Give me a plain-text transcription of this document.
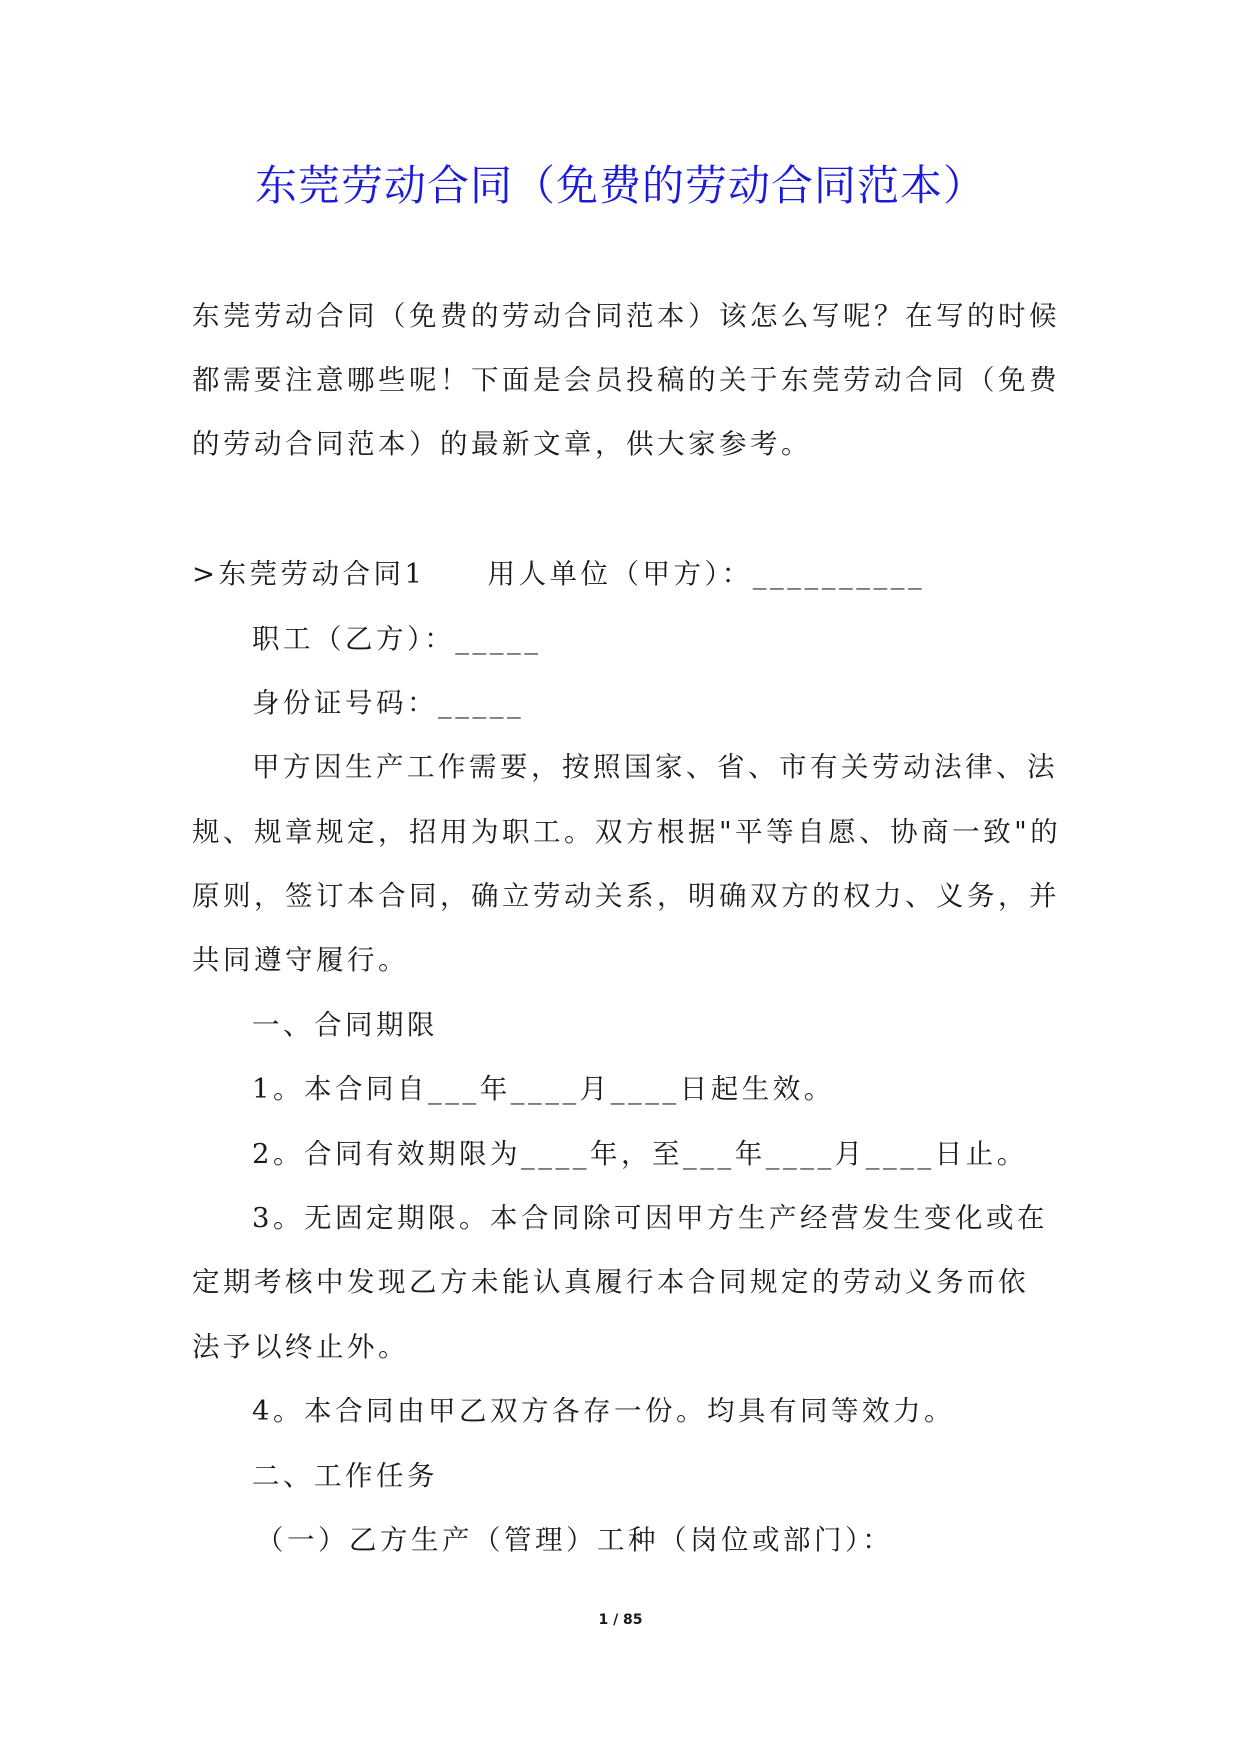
东莞劳动合同（免费的劳动合同范本）
东莞劳动合同（免费的劳动合同范本）该怎么写呢？在写的时候
都需要注意哪些呢！下面是会员投稿的关于东莞劳动合同（免费
的劳动合同范本）的最新文章，供大家参考。
>东莞劳动合同1　　用人单位（甲方）：__________
职工（乙方）：_____
身份证号码：_____
甲方因生产工作需要，按照国家、省、市有关劳动法律、法
规、规章规定，招用为职工。双方根据"平等自愿、协商一致"的
原则，签订本合同，确立劳动关系，明确双方的权力、义务，并
共同遵守履行。
一、合同期限
1。本合同自___年____月____日起生效。
2。合同有效期限为____年，至___年____月____日止。
3。无固定期限。本合同除可因甲方生产经营发生变化或在
定期考核中发现乙方未能认真履行本合同规定的劳动义务而依
法予以终止外。
4。本合同由甲乙双方各存一份。均具有同等效力。
二、工作任务
（一）乙方生产（管理）工种（岗位或部门）：
1 / 85
